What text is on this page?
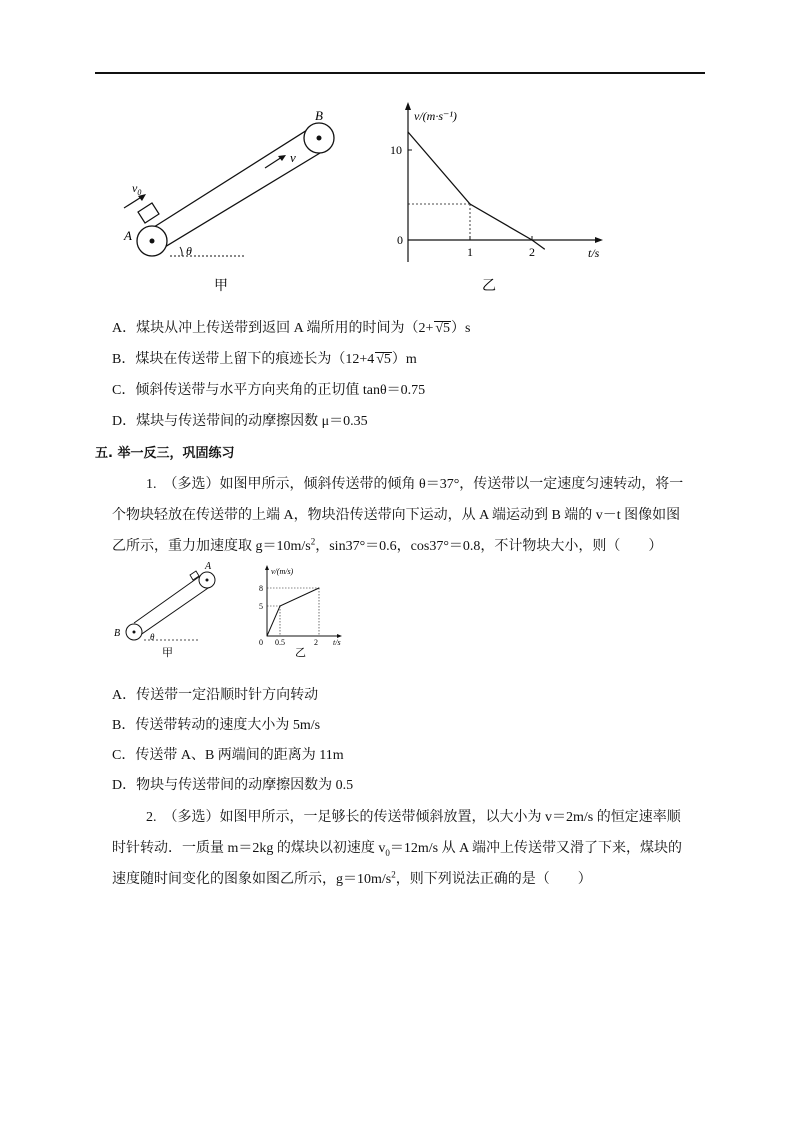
B
A
v
$v_0$
θ
甲
v/(m·s⁻¹)
t/s
1	2
10
0
乙
A．煤块从冲上传送带到返回 A 端所用的时间为（2+ √5）s
B．煤块在传送带上留下的痕迹长为（12+4 √5）m
C．倾斜传送带与水平方向夹角的正切值 tanθ＝0.75
D．煤块与传送带间的动摩擦因数 μ＝0.35
五. 举一反三，巩固练习
1.　（多选）如图甲所示，倾斜传送带的倾角 θ＝37°，传送带以一定速度匀速转动，将一
个物块轻放在传送带的上端 A，物块沿传送带向下运动，从 A 端运动到 B 端的 v－t 图像如图
乙所示，重力加速度取 $g=10m/s^2$，sin37°＝0.6，cos37°＝0.8，不计物块大小，则（　　）
A
B	θ
甲
v/(m/s)
t/s
0 0.5	2
8
5
乙
A．传送带一定沿顺时针方向转动
B．传送带转动的速度大小为 5m/s
C．传送带 A、B 两端间的距离为 11m
D．物块与传送带间的动摩擦因数为 0.5
2.　（多选）如图甲所示，一足够长的传送带倾斜放置，以大小为 v＝2m/s 的恒定速率顺
时针转动．一质量 m＝2kg 的煤块以初速度 $v_0=12m/s$ 从 A 端冲上传送带又滑了下来，煤块的
速度随时间变化的图象如图乙所示，$g=10m/s^2$，则下列说法正确的是（　　）
